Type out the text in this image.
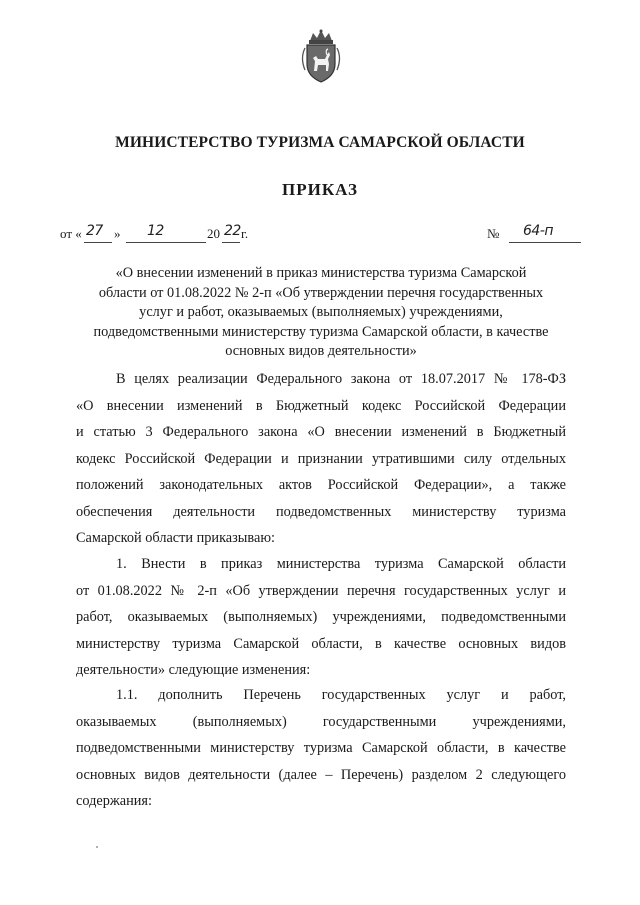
МИНИСТЕРСТВО ТУРИЗМА САМАРСКОЙ ОБЛАСТИ
ПРИКАЗ
от « 27 » 12	20 22 г.	№ 64-п
«О внесении изменений в приказ министерства туризма Самарской
области от 01.08.2022 № 2-п «Об утверждении перечня государственных
услуг и работ, оказываемых (выполняемых) учреждениями,
подведомственными министерству туризма Самарской области, в качестве
основных видов деятельности»
В целях реализации Федерального закона от 18.07.2017 № 178-ФЗ
«О внесении изменений в Бюджетный кодекс Российской Федерации
и статью 3 Федерального закона «О внесении изменений в Бюджетный
кодекс Российской Федерации и признании утратившими силу отдельных
положений законодательных актов Российской Федерации», а также
обеспечения деятельности подведомственных министерству туризма
Самарской области приказываю:
1. Внести в приказ министерства туризма Самарской области
от 01.08.2022 № 2-п «Об утверждении перечня государственных услуг и
работ, оказываемых (выполняемых) учреждениями, подведомственными
министерству туризма Самарской области, в качестве основных видов
деятельности» следующие изменения:
1.1. дополнить Перечень государственных услуг и работ,
оказываемых (выполняемых) государственными учреждениями,
подведомственными министерству туризма Самарской области, в качестве
основных видов деятельности (далее – Перечень) разделом 2 следующего
содержания:
